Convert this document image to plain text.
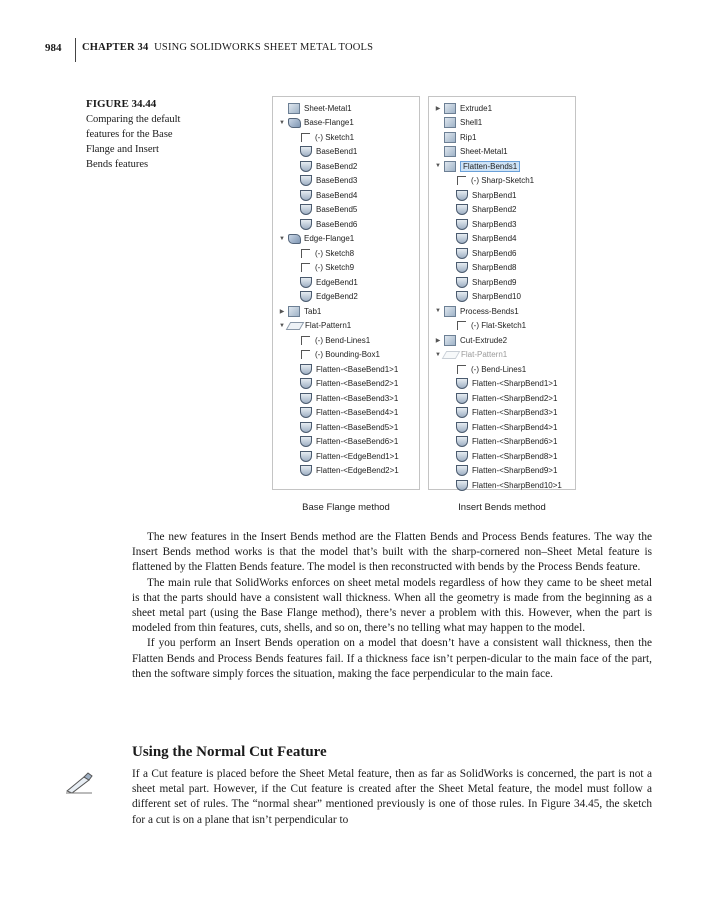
984 CHAPTER 34 USING SOLIDWORKS SHEET METAL TOOLS
FIGURE 34.44
Comparing the default
features for the Base
Flange and Insert
Bends features
Sheet-Metal1
▼ Base-Flange1
(-) Sketch1
BaseBend1
BaseBend2
BaseBend3
BaseBend4
BaseBend5
BaseBend6
▼ Edge-Flange1
(-) Sketch8
(-) Sketch9
EdgeBend1
EdgeBend2
▶	Tab1
▼	Flat-Pattern1
(-) Bend-Lines1
(-) Bounding-Box1
Flatten-<BaseBend1>1
Flatten-<BaseBend2>1
Flatten-<BaseBend3>1
Flatten-<BaseBend4>1
Flatten-<BaseBend5>1
Flatten-<BaseBend6>1
Flatten-<EdgeBend1>1
Flatten-<EdgeBend2>1
▶	Extrude1
Shell1
Rip1
Sheet-Metal1
▼	Flatten-Bends1
(-) Sharp-Sketch1
SharpBend1
SharpBend2
SharpBend3
SharpBend4
SharpBend6
SharpBend8
SharpBend9
SharpBend10
▼ Process-Bends1
(-) Flat-Sketch1
▶	Cut-Extrude2
▼	Flat-Pattern1
(-) Bend-Lines1
Flatten-<SharpBend1>1
Flatten-<SharpBend2>1
Flatten-<SharpBend3>1
Flatten-<SharpBend4>1
Flatten-<SharpBend6>1
Flatten-<SharpBend8>1
Flatten-<SharpBend9>1
Flatten-<SharpBend10>1
Base Flange method	Insert Bends method

The new features in the Insert Bends method are the Flatten Bends and Process Bends features. The way the Insert Bends method works is that the model that’s built with the sharp-cornered non–Sheet Metal feature is flattened by the Flatten Bends feature. The model is then reconstructed with bends by the Process Bends feature.

The main rule that SolidWorks enforces on sheet metal models regardless of how they came to be sheet metal is that the parts should have a consistent wall thickness. When all the geometry is made from the beginning as a sheet metal part (using the Base Flange method), there’s never a problem with this. However, when the part is modeled from thin features, cuts, shells, and so on, there’s no telling what may happen to the model.

If you perform an Insert Bends operation on a model that doesn’t have a consistent wall thickness, then the Flatten Bends and Process Bends features fail. If a thickness face isn’t perpen-dicular to the main face of the part, then the software simply forces the situation, making the face perpendicular to the main face.

Using the Normal Cut Feature

If a Cut feature is placed before the Sheet Metal feature, then as far as SolidWorks is concerned, the part is not a sheet metal part. However, if the Cut feature is created after the Sheet Metal feature, the model must follow a different set of rules. The “normal shear” mentioned previously is one of those rules. In Figure 34.45, the sketch for a cut is on a plane that isn’t perpendicular to
